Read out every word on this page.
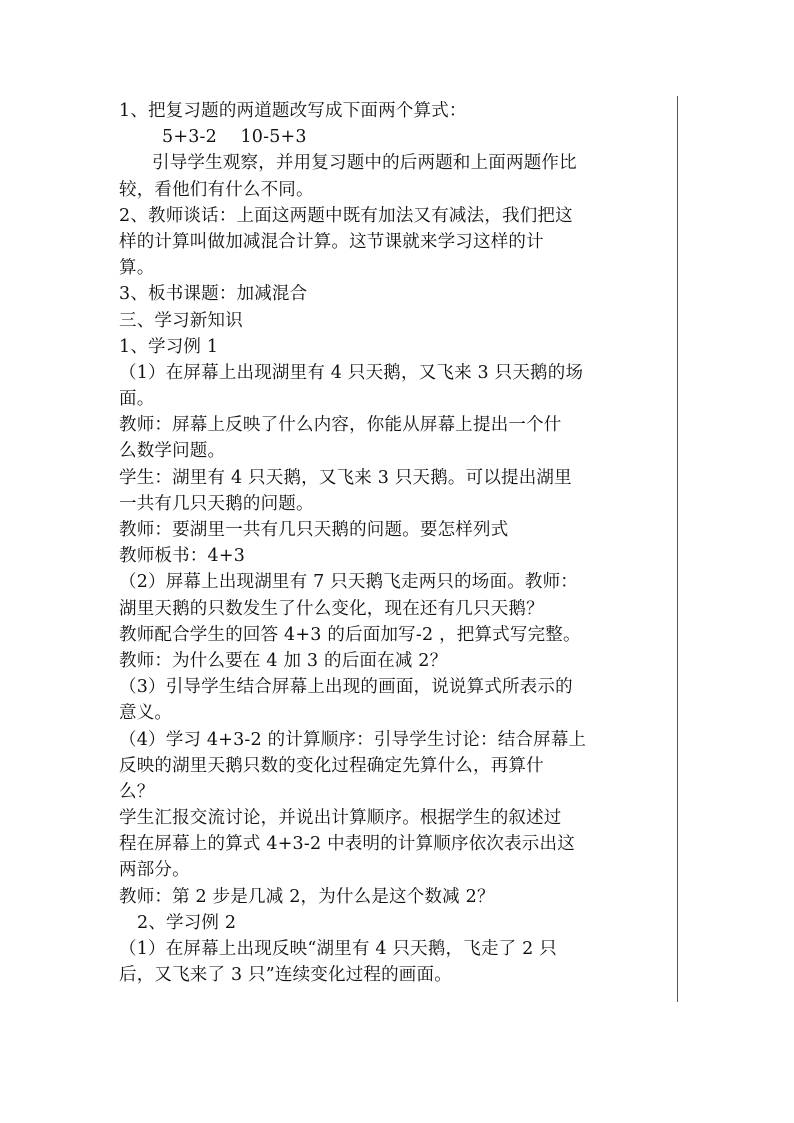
1、把复习题的两道题改写成下面两个算式：
5+3-2　 10-5+3
引导学生观察，并用复习题中的后两题和上面两题作比
较，看他们有什么不同。
2、教师谈话：上面这两题中既有加法又有减法，我们把这
样的计算叫做加减混合计算。这节课就来学习这样的计
算。
3、板书课题：加减混合
三、学习新知识
1、学习例 1
（1）在屏幕上出现湖里有 4 只天鹅，又飞来 3 只天鹅的场
面。
教师：屏幕上反映了什么内容，你能从屏幕上提出一个什
么数学问题。
学生：湖里有 4 只天鹅，又飞来 3 只天鹅。可以提出湖里
一共有几只天鹅的问题。
教师：要湖里一共有几只天鹅的问题。要怎样列式
教师板书：4+3
（2）屏幕上出现湖里有 7 只天鹅飞走两只的场面。教师：
湖里天鹅的只数发生了什么变化，现在还有几只天鹅？
教师配合学生的回答 4+3 的后面加写-2 ，把算式写完整。
教师：为什么要在 4 加 3 的后面在减 2？
（3）引导学生结合屏幕上出现的画面，说说算式所表示的
意义。
（4）学习 4+3-2 的计算顺序：引导学生讨论：结合屏幕上
反映的湖里天鹅只数的变化过程确定先算什么，再算什
么？
学生汇报交流讨论，并说出计算顺序。根据学生的叙述过
程在屏幕上的算式 4+3-2 中表明的计算顺序依次表示出这
两部分。
教师：第 2 步是几减 2，为什么是这个数减 2？
2、学习例 2
（1）在屏幕上出现反映“湖里有 4 只天鹅，飞走了 2 只
后，又飞来了 3 只”连续变化过程的画面。
